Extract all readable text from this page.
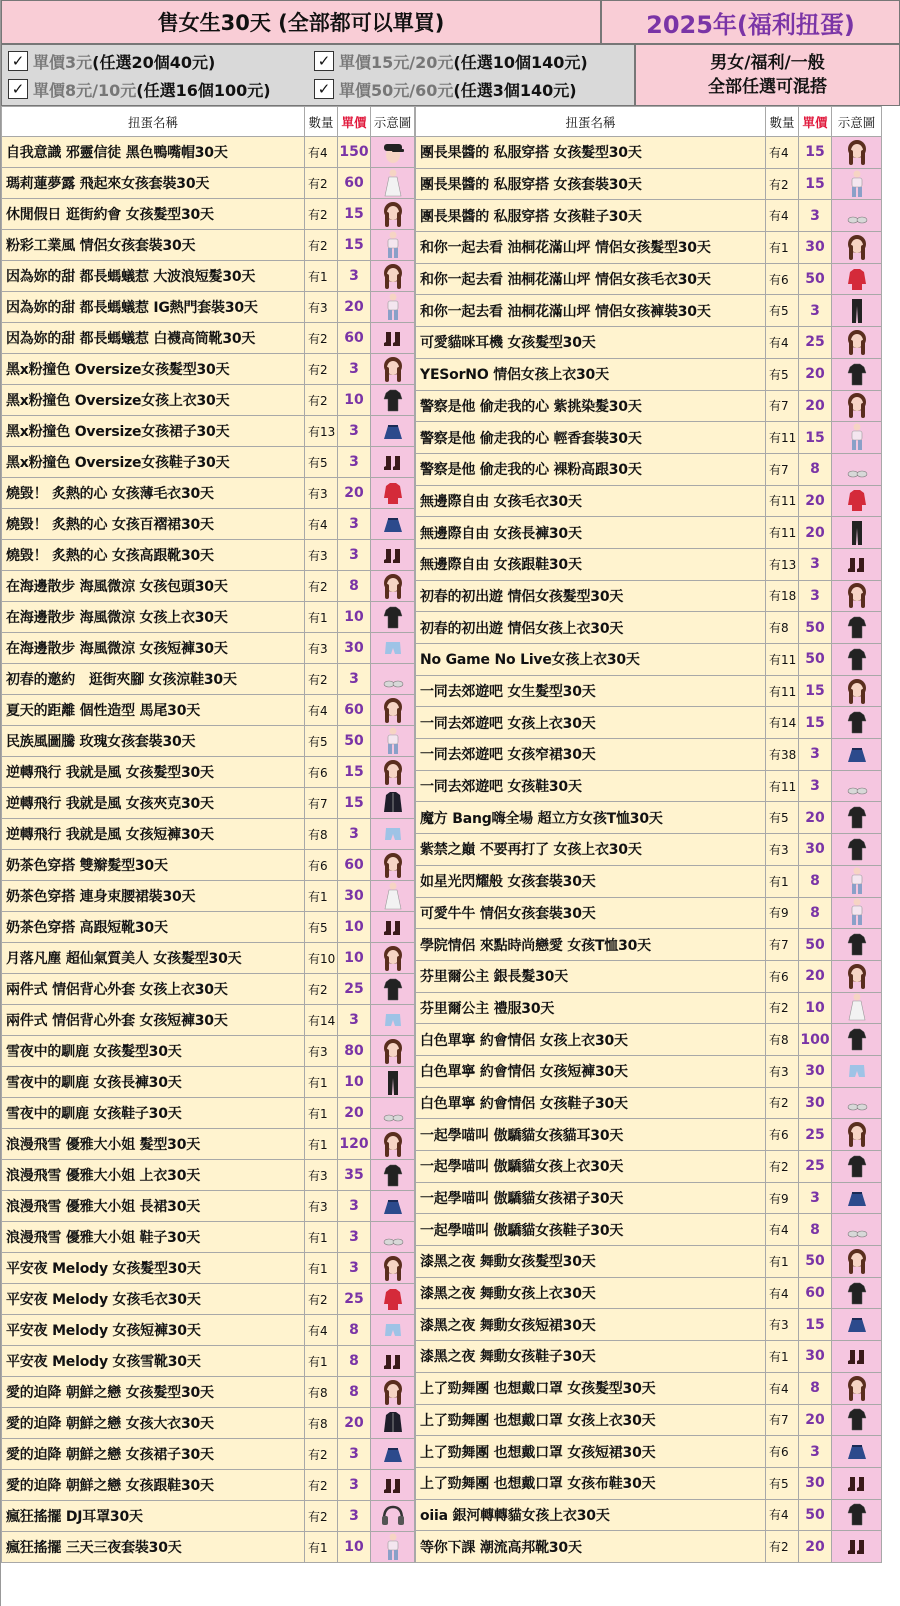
售女生30天 (全部都可以單買)	2025年(福利扭蛋)
✓ 單價3元(任選20個40元)	✓ 單價15元/20元(任選10個140元)
✓ 單價8元/10元(任選16個100元)	✓ 單價50元/60元(任選3個140元)
男女/福利/一般
全部任選可混搭
扭蛋名稱	數量	單價	示意圖
自我意識 邪靈信徒 黑色鴨嘴帽30天	有4	150	

瑪莉蓮夢露 飛起來女孩套裝30天	有2	60	

休閒假日 逛街約會 女孩髮型30天	有2	15	

粉彩工業風 情侶女孩套裝30天	有2	15	

因為妳的甜 都長螞蟻惹 大波浪短髮30天	有1	3	

因為妳的甜 都長螞蟻惹 IG熱門套裝30天	有3	20	

因為妳的甜 都長螞蟻惹 白襪高筒靴30天	有2	60	

黑x粉撞色 Oversize女孩髮型30天	有2	3	

黑x粉撞色 Oversize女孩上衣30天	有2	10	

黑x粉撞色 Oversize女孩裙子30天	有13	3	

黑x粉撞色 Oversize女孩鞋子30天	有5	3	

燒毀！ 炙熱的心 女孩薄毛衣30天	有3	20	

燒毀！ 炙熱的心 女孩百褶裙30天	有4	3	

燒毀！ 炙熱的心 女孩高跟靴30天	有3	3	

在海邊散步 海風微涼 女孩包頭30天	有2	8	

在海邊散步 海風微涼 女孩上衣30天	有1	10	

在海邊散步 海風微涼 女孩短褲30天	有3	30	

初春的邀約　逛街夾腳 女孩涼鞋30天	有2	3	

夏天的距離 個性造型 馬尾30天	有4	60	

民族風圖騰 玫瑰女孩套裝30天	有5	50	

逆轉飛行 我就是風 女孩髮型30天	有6	15	

逆轉飛行 我就是風 女孩夾克30天	有7	15	

逆轉飛行 我就是風 女孩短褲30天	有8	3	

奶茶色穿搭 雙辮髮型30天	有6	60	

奶茶色穿搭 連身束腰裙裝30天	有1	30	

奶茶色穿搭 高跟短靴30天	有5	10	

月落凡塵 超仙氣質美人 女孩髮型30天	有10	10	

兩件式 情侶背心外套 女孩上衣30天	有2	25	

兩件式 情侶背心外套 女孩短褲30天	有14	3	

雪夜中的馴鹿 女孩髮型30天	有3	80	

雪夜中的馴鹿 女孩長褲30天	有1	10	

雪夜中的馴鹿 女孩鞋子30天	有1	20	

浪漫飛雪 優雅大小姐 髮型30天	有1	120	

浪漫飛雪 優雅大小姐 上衣30天	有3	35	

浪漫飛雪 優雅大小姐 長裙30天	有3	3	

浪漫飛雪 優雅大小姐 鞋子30天	有1	3	

平安夜 Melody 女孩髮型30天	有1	3	

平安夜 Melody 女孩毛衣30天	有2	25	

平安夜 Melody 女孩短褲30天	有4	8	

平安夜 Melody 女孩雪靴30天	有1	8	

愛的迫降 朝鮮之戀 女孩髮型30天	有8	8	

愛的迫降 朝鮮之戀 女孩大衣30天	有8	20	

愛的迫降 朝鮮之戀 女孩裙子30天	有2	3	

愛的迫降 朝鮮之戀 女孩跟鞋30天	有2	3	

瘋狂搖擺 DJ耳罩30天	有2	3	

瘋狂搖擺 三天三夜套裝30天	有1	10	
扭蛋名稱	數量	單價	示意圖
團長果醬的 私服穿搭 女孩髮型30天	有4	15	

團長果醬的 私服穿搭 女孩套裝30天	有2	15	

團長果醬的 私服穿搭 女孩鞋子30天	有4	3	

和你一起去看 油桐花滿山坪 情侶女孩髮型30天	有1	30	

和你一起去看 油桐花滿山坪 情侶女孩毛衣30天	有6	50	

和你一起去看 油桐花滿山坪 情侶女孩褲裝30天	有5	3	

可愛貓咪耳機 女孩髮型30天	有4	25	

YESorNO 情侶女孩上衣30天	有5	20	

警察是他 偷走我的心 紫挑染髮30天	有7	20	

警察是他 偷走我的心 輕香套裝30天	有11	15	

警察是他 偷走我的心 裸粉高跟30天	有7	8	

無邊際自由 女孩毛衣30天	有11	20	

無邊際自由 女孩長褲30天	有11	20	

無邊際自由 女孩跟鞋30天	有13	3	

初春的初出遊 情侶女孩髮型30天	有18	3	

初春的初出遊 情侶女孩上衣30天	有8	50	

No Game No Live女孩上衣30天	有11	50	

一同去郊遊吧 女生髮型30天	有11	15	

一同去郊遊吧 女孩上衣30天	有14	15	

一同去郊遊吧 女孩窄裙30天	有38	3	

一同去郊遊吧 女孩鞋30天	有11	3	

魔方 Bang嗨全場 超立方女孩T恤30天	有5	20	

紫禁之巔 不要再打了 女孩上衣30天	有3	30	

如星光閃耀般 女孩套裝30天	有1	8	

可愛牛牛 情侶女孩套裝30天	有9	8	

學院情侶 來點時尚戀愛 女孩T恤30天	有7	50	

芬里爾公主 銀長髮30天	有6	20	

芬里爾公主 禮服30天	有2	10	

白色單寧 約會情侶 女孩上衣30天	有8	100	

白色單寧 約會情侶 女孩短褲30天	有3	30	

白色單寧 約會情侶 女孩鞋子30天	有2	30	

一起學喵叫 傲驕貓女孩貓耳30天	有6	25	

一起學喵叫 傲驕貓女孩上衣30天	有2	25	

一起學喵叫 傲驕貓女孩裙子30天	有9	3	

一起學喵叫 傲驕貓女孩鞋子30天	有4	8	

漆黑之夜 舞動女孩髮型30天	有1	50	

漆黑之夜 舞動女孩上衣30天	有4	60	

漆黑之夜 舞動女孩短裙30天	有3	15	

漆黑之夜 舞動女孩鞋子30天	有1	30	

上了勁舞團 也想戴口罩 女孩髮型30天	有4	8	

上了勁舞團 也想戴口罩 女孩上衣30天	有7	20	

上了勁舞團 也想戴口罩 女孩短裙30天	有6	3	

上了勁舞團 也想戴口罩 女孩布鞋30天	有5	30	

oiia 銀河轉轉貓女孩上衣30天	有4	50	

等你下課 潮流高邦靴30天	有2	20	
